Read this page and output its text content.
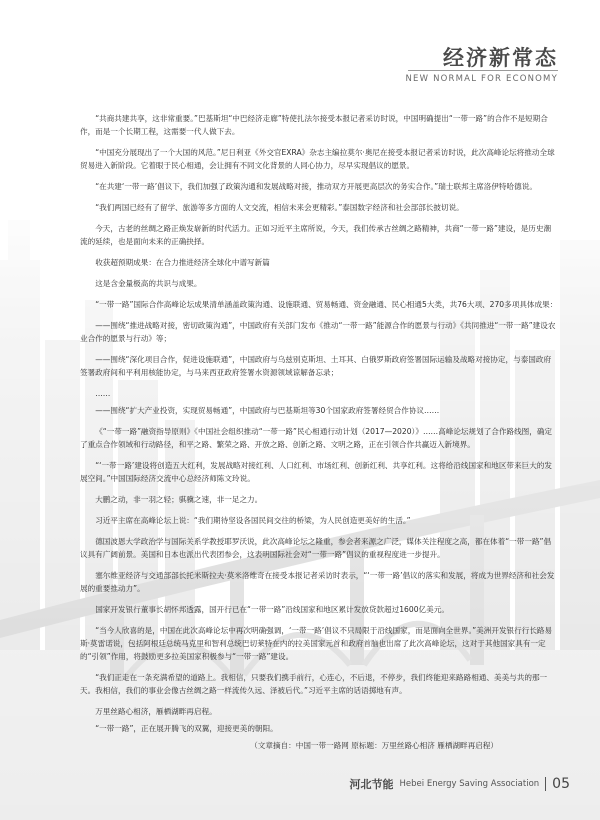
经济新常态
NEW NORMAL FOR ECONOMY

“共商共建共享，这非常重要。”巴基斯坦“中巴经济走廊”特使扎法尔接受本报记者采访时说，中国明确提出“一带一路”的合作不是短期合作，而是一个长期工程，这需要一代人做下去。

“中国充分展现出了一个大国的风范。”尼日利亚《外交官EXRA》杂志主编拉莫尔·奥尼在接受本报记者采访时说，此次高峰论坛将推动全球贸易进入新阶段。它着眼于民心相通，会让拥有不同文化背景的人同心协力，尽早实现倡议的愿景。

“在共建‘一带一路’倡议下，我们加强了政策沟通和发展战略对接，推动双方开展更高层次的务实合作。”瑞士联邦主席洛伊特哈德说。

“我们两国已经有了留学、旅游等多方面的人文交流，相信未来会更精彩。”泰国数字经济和社会部部长披切说。

今天，古老的丝绸之路正焕发崭新的时代活力。正如习近平主席所说，今天，我们传承古丝绸之路精神，共商“一带一路”建设，是历史潮流的延续，也是面向未来的正确抉择。

收获超预期成果：在合力推进经济全球化中谱写新篇

这是含金量极高的共识与成果。

“一带一路”国际合作高峰论坛成果清单涵盖政策沟通、设施联通、贸易畅通、资金融通、民心相通5大类，共76大项、270多项具体成果：

——围绕“推进战略对接，密切政策沟通”，中国政府有关部门发布《推动“一带一路”能源合作的愿景与行动》《共同推进“一带一路”建设农业合作的愿景与行动》等；

——围绕“深化项目合作，促进设施联通”，中国政府与乌兹别克斯坦、土耳其、白俄罗斯政府签署国际运输及战略对接协定，与泰国政府签署政府间和平利用核能协定，与马来西亚政府签署水资源领域谅解备忘录；

……

——围绕“扩大产业投资，实现贸易畅通”，中国政府与巴基斯坦等30个国家政府签署经贸合作协议……

《“一带一路”融资指导原则》《中国社会组织推动“一带一路”民心相通行动计划（2017—2020）》……高峰论坛规划了合作路线图，确定了重点合作领域和行动路径，和平之路、繁荣之路、开放之路、创新之路、文明之路，正在引领合作共赢迈入新境界。

“‘一带一路’建设将创造五大红利，发展战略对接红利、人口红利、市场红利、创新红利、共享红利。这将给沿线国家和地区带来巨大的发展空间。”中国国际经济交流中心总经济师陈文玲说。

大鹏之动，非一羽之轻；骐骥之速，非一足之力。

习近平主席在高峰论坛上说：“我们期待坚设各国民间交往的桥梁，为人民创造更美好的生活。”

德国波恩大学政治学与国际关系学教授耶罗沃说，此次高峰论坛之隆重，参会者来源之广泛，媒体关注程度之高，都在体着“一带一路”倡议具有广阔前景。美国和日本也派出代表团参会，这表明国际社会对“一带一路”倡议的重视程度进一步提升。

塞尔维亚经济与交通部部长托米斯拉夫·莫米洛维奇在接受本报记者采访时表示，“‘一带一路’倡议的落实和发展，将成为世界经济和社会发展的重要推动力”。

国家开发银行董事长胡怀邦透露，国开行已在“一带一路”沿线国家和地区累计发放贷款超过1600亿美元。

“当今人欣喜的是，中国在此次高峰论坛中再次明确强调，‘一带一路’倡议不只局限于沿线国家，而是面向全世界。”美洲开发银行行长路易斯·莫雷诺说，包括阿根廷总统马克里和智利总统巴切莱特在内的拉美国家元首和政府首脑也出席了此次高峰论坛，这对于其他国家具有一定的“引领”作用，将鼓励更多拉美国家积极参与“一带一路”建设。

“我们正走在一条充满希望的道路上。我相信，只要我们携手前行，心连心，不后退，不停步，我们终能迎来路路相通、美美与共的那一天。我相信，我们的事业会像古丝绸之路一样流传久远、泽被后代。”习近平主席的话语掷地有声。

万里丝路心相济，雁栖湖畔再启程。

“一带一路”，正在展开腾飞的双翼，迎接更美的朝阳。

（文章摘自：中国一带一路网 原标题：万里丝路心相济 雁栖湖畔再启程）

河北节能 Hebei Energy Saving Association 05
